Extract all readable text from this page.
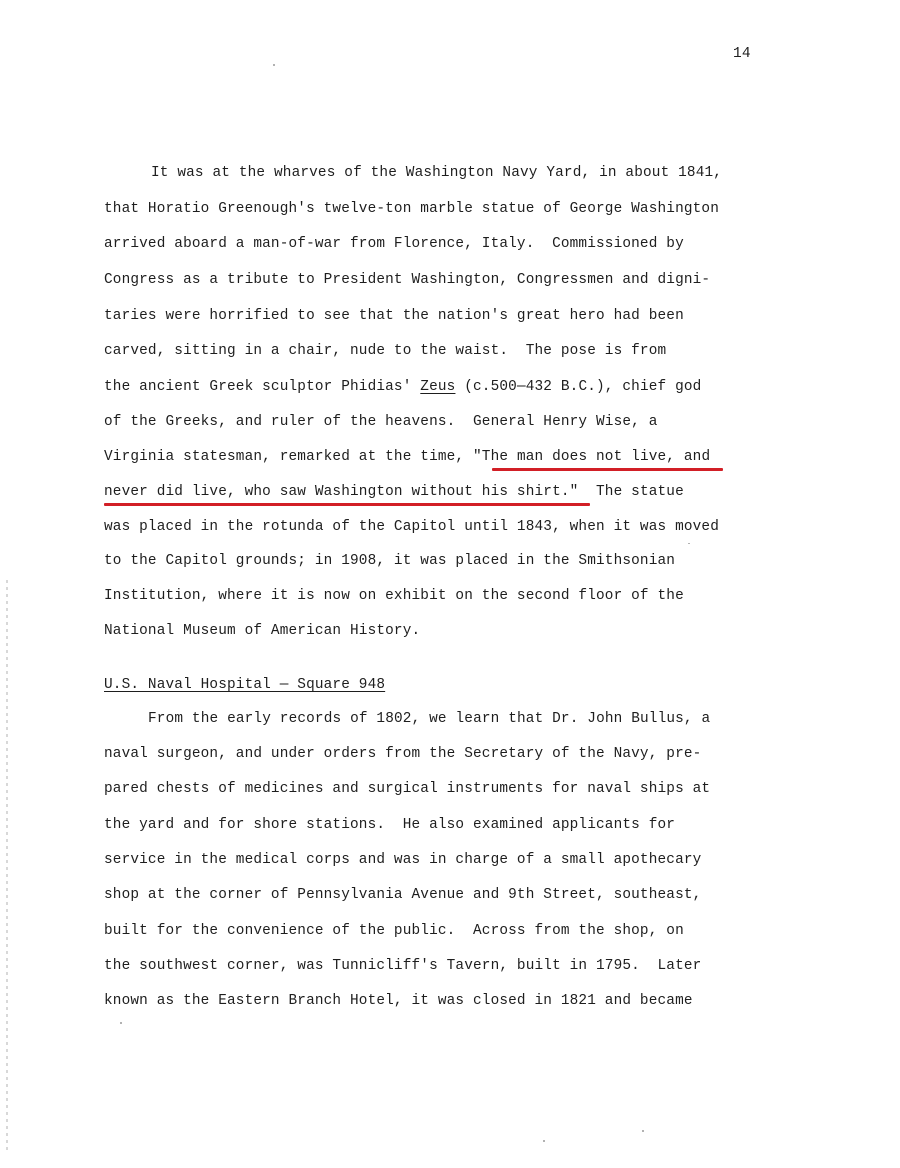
14
It was at the wharves of the Washington Navy Yard, in about 1841,
that Horatio Greenough's twelve-ton marble statue of George Washington
arrived aboard a man-of-war from Florence, Italy.  Commissioned by
Congress as a tribute to President Washington, Congressmen and digni-
taries were horrified to see that the nation's great hero had been
carved, sitting in a chair, nude to the waist.  The pose is from
the ancient Greek sculptor Phidias' Zeus (c.500—432 B.C.), chief god
of the Greeks, and ruler of the heavens.  General Henry Wise, a
Virginia statesman, remarked at the time, "The man does not live, and
never did live, who saw Washington without his shirt."  The statue
was placed in the rotunda of the Capitol until 1843, when it was moved
to the Capitol grounds; in 1908, it was placed in the Smithsonian
Institution, where it is now on exhibit on the second floor of the
National Museum of American History.
U.S. Naval Hospital — Square 948
From the early records of 1802, we learn that Dr. John Bullus, a
naval surgeon, and under orders from the Secretary of the Navy, pre-
pared chests of medicines and surgical instruments for naval ships at
the yard and for shore stations.  He also examined applicants for
service in the medical corps and was in charge of a small apothecary
shop at the corner of Pennsylvania Avenue and 9th Street, southeast,
built for the convenience of the public.  Across from the shop, on
the southwest corner, was Tunnicliff's Tavern, built in 1795.  Later
known as the Eastern Branch Hotel, it was closed in 1821 and became
